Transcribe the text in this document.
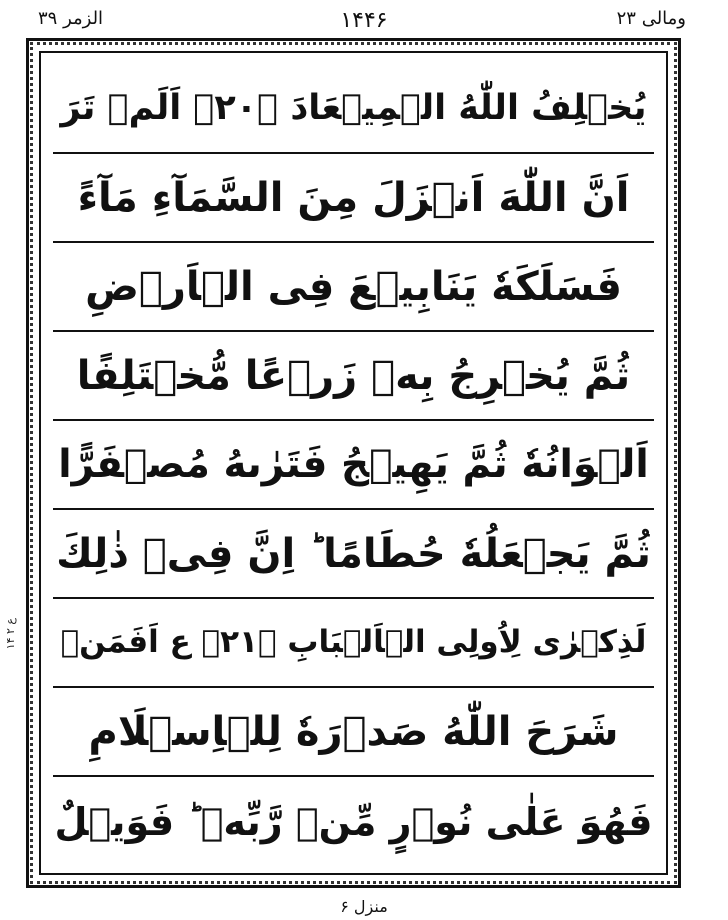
ومالی ۲۳
۱۴۴۶
الزمر ۳۹
ع ۲ ۱۴
يُخۡلِفُ اللّٰهُ الۡمِيۡعَادَ ﴿۲۰﴾ اَلَمۡ تَرَ
اَنَّ اللّٰهَ اَنۡزَلَ مِنَ السَّمَآءِ مَآءً
فَسَلَكَهٗ يَنَابِيۡعَ فِى الۡاَرۡضِ
ثُمَّ يُخۡرِجُ بِهٖ زَرۡعًا مُّخۡتَلِفًا
اَلۡوَانُهٗ ثُمَّ يَهِيۡجُ فَتَرٰٮهُ مُصۡفَرًّا
ثُمَّ يَجۡعَلُهٗ حُطَامًا ؕ اِنَّ فِىۡ ذٰلِكَ
لَذِكۡرٰى لِاُولِى الۡاَلۡبَابِ ﴿۲۱﴾ ع اَفَمَنۡ
شَرَحَ اللّٰهُ صَدۡرَهٗ لِلۡاِسۡلَامِ
فَهُوَ عَلٰى نُوۡرٍ مِّنۡ رَّبِّهٖ ؕ فَوَيۡلٌ
منزل ۶
